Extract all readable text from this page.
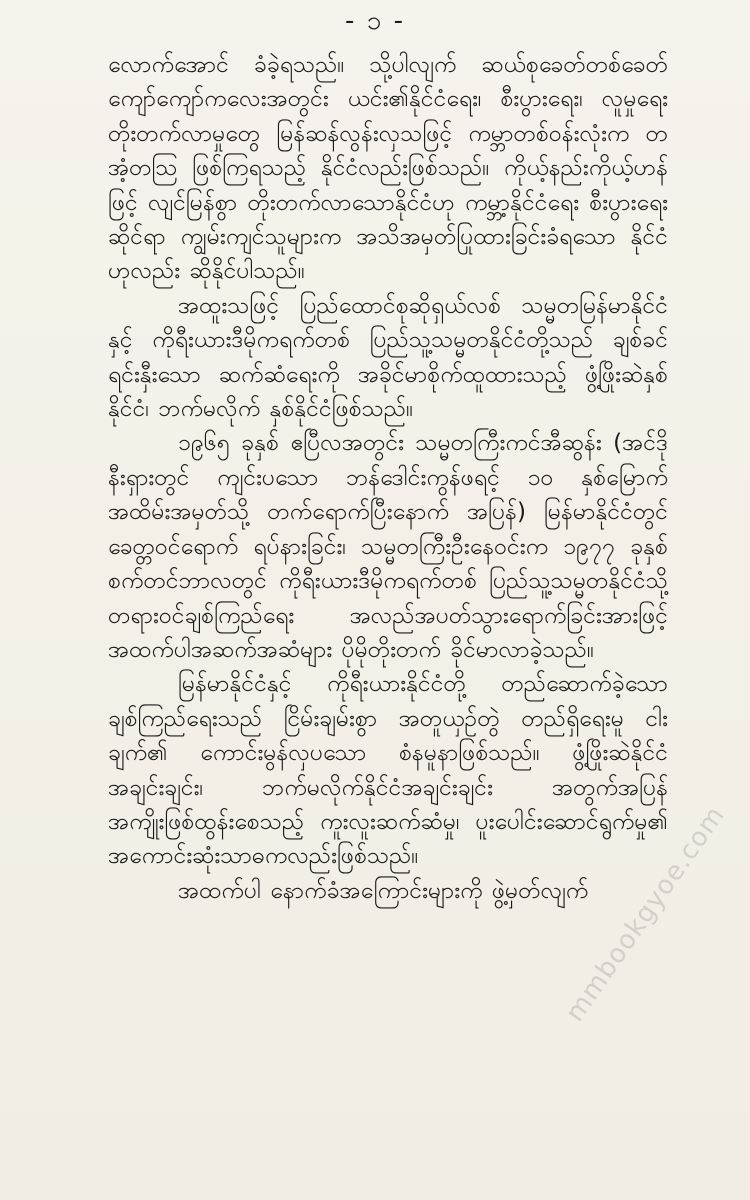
- ၁ -

လောက်အောင် ခံခဲ့ရသည်။ သို့ပါလျက် ဆယ်စုခေတ်တစ်ခေတ် ကျော်ကျော်ကလေးအတွင်း ယင်း၏နိုင်ငံရေး၊ စီးပွားရေး၊ လူမှုရေးတိုးတက်လာမှုတွေ မြန်ဆန်လွန်းလှသဖြင့် ကမ္ဘာတစ်ဝန်းလုံးက တအံ့တသြ ဖြစ်ကြရသည့် နိုင်ငံလည်းဖြစ်သည်။ ကိုယ့်နည်းကိုယ့်ဟန်ဖြင့် လျင်မြန်စွာ တိုးတက်လာသောနိုင်ငံဟု ကမ္ဘာ့နိုင်ငံရေး စီးပွားရေးဆိုင်ရာ ကျွမ်းကျင်သူများက အသိအမှတ်ပြုထားခြင်းခံရသော နိုင်ငံဟုလည်း ဆိုနိုင်ပါသည်။

အထူးသဖြင့် ပြည်ထောင်စုဆိုရှယ်လစ် သမ္မတမြန်မာနိုင်ငံနှင့် ကိုရီးယားဒီမိုကရက်တစ် ပြည်သူ့သမ္မတနိုင်ငံတို့သည် ချစ်ခင်ရင်းနှီးသော ဆက်ဆံရေးကို အခိုင်မာစိုက်ထူထားသည့် ဖွံ့ဖြိုးဆဲနှစ်နိုင်ငံ၊ ဘက်မလိုက် နှစ်နိုင်ငံဖြစ်သည်။

၁၉၆၅ ခုနှစ် ဧပြီလအတွင်း သမ္မတကြီးကင်အီဆွန်း (အင်ဒိုနီးရှားတွင် ကျင်းပသော ဘန်ဒေါင်းကွန်ဖရင့် ၁၀ နှစ်မြောက် အထိမ်းအမှတ်သို့ တက်ရောက်ပြီးနောက် အပြန်) မြန်မာနိုင်ငံတွင် ခေတ္တဝင်ရောက် ရပ်နားခြင်း၊ သမ္မတကြီးဦးနေဝင်းက ၁၉၇၇ ခုနှစ် စက်တင်ဘာလတွင် ကိုရီးယားဒီမိုကရက်တစ် ပြည်သူ့သမ္မတနိုင်ငံသို့ တရားဝင်ချစ်ကြည်ရေး အလည်အပတ်သွားရောက်ခြင်းအားဖြင့် အထက်ပါအဆက်အဆံများ ပိုမိုတိုးတက် ခိုင်မာလာခဲ့သည်။

မြန်မာနိုင်ငံနှင့် ကိုရီးယားနိုင်ငံတို့ တည်ဆောက်ခဲ့သော ချစ်ကြည်ရေးသည် ငြိမ်းချမ်းစွာ အတူယှဉ်တွဲ တည်ရှိရေးမူ ငါးချက်၏ ကောင်းမွန်လှပသော စံနမူနာဖြစ်သည်။ ဖွံ့ဖြိုးဆဲနိုင်ငံ အချင်းချင်း၊ ဘက်မလိုက်နိုင်ငံအချင်းချင်း အတွက်အပြန် အကျိုးဖြစ်ထွန်းစေသည့် ကူးလူးဆက်ဆံမှု၊ ပူးပေါင်းဆောင်ရွက်မှု၏ အကောင်းဆုံးသာဓကလည်းဖြစ်သည်။

အထက်ပါ နောက်ခံအကြောင်းများကို ဖွဲ့မှတ်လျက်

mmbookgyoe.com
